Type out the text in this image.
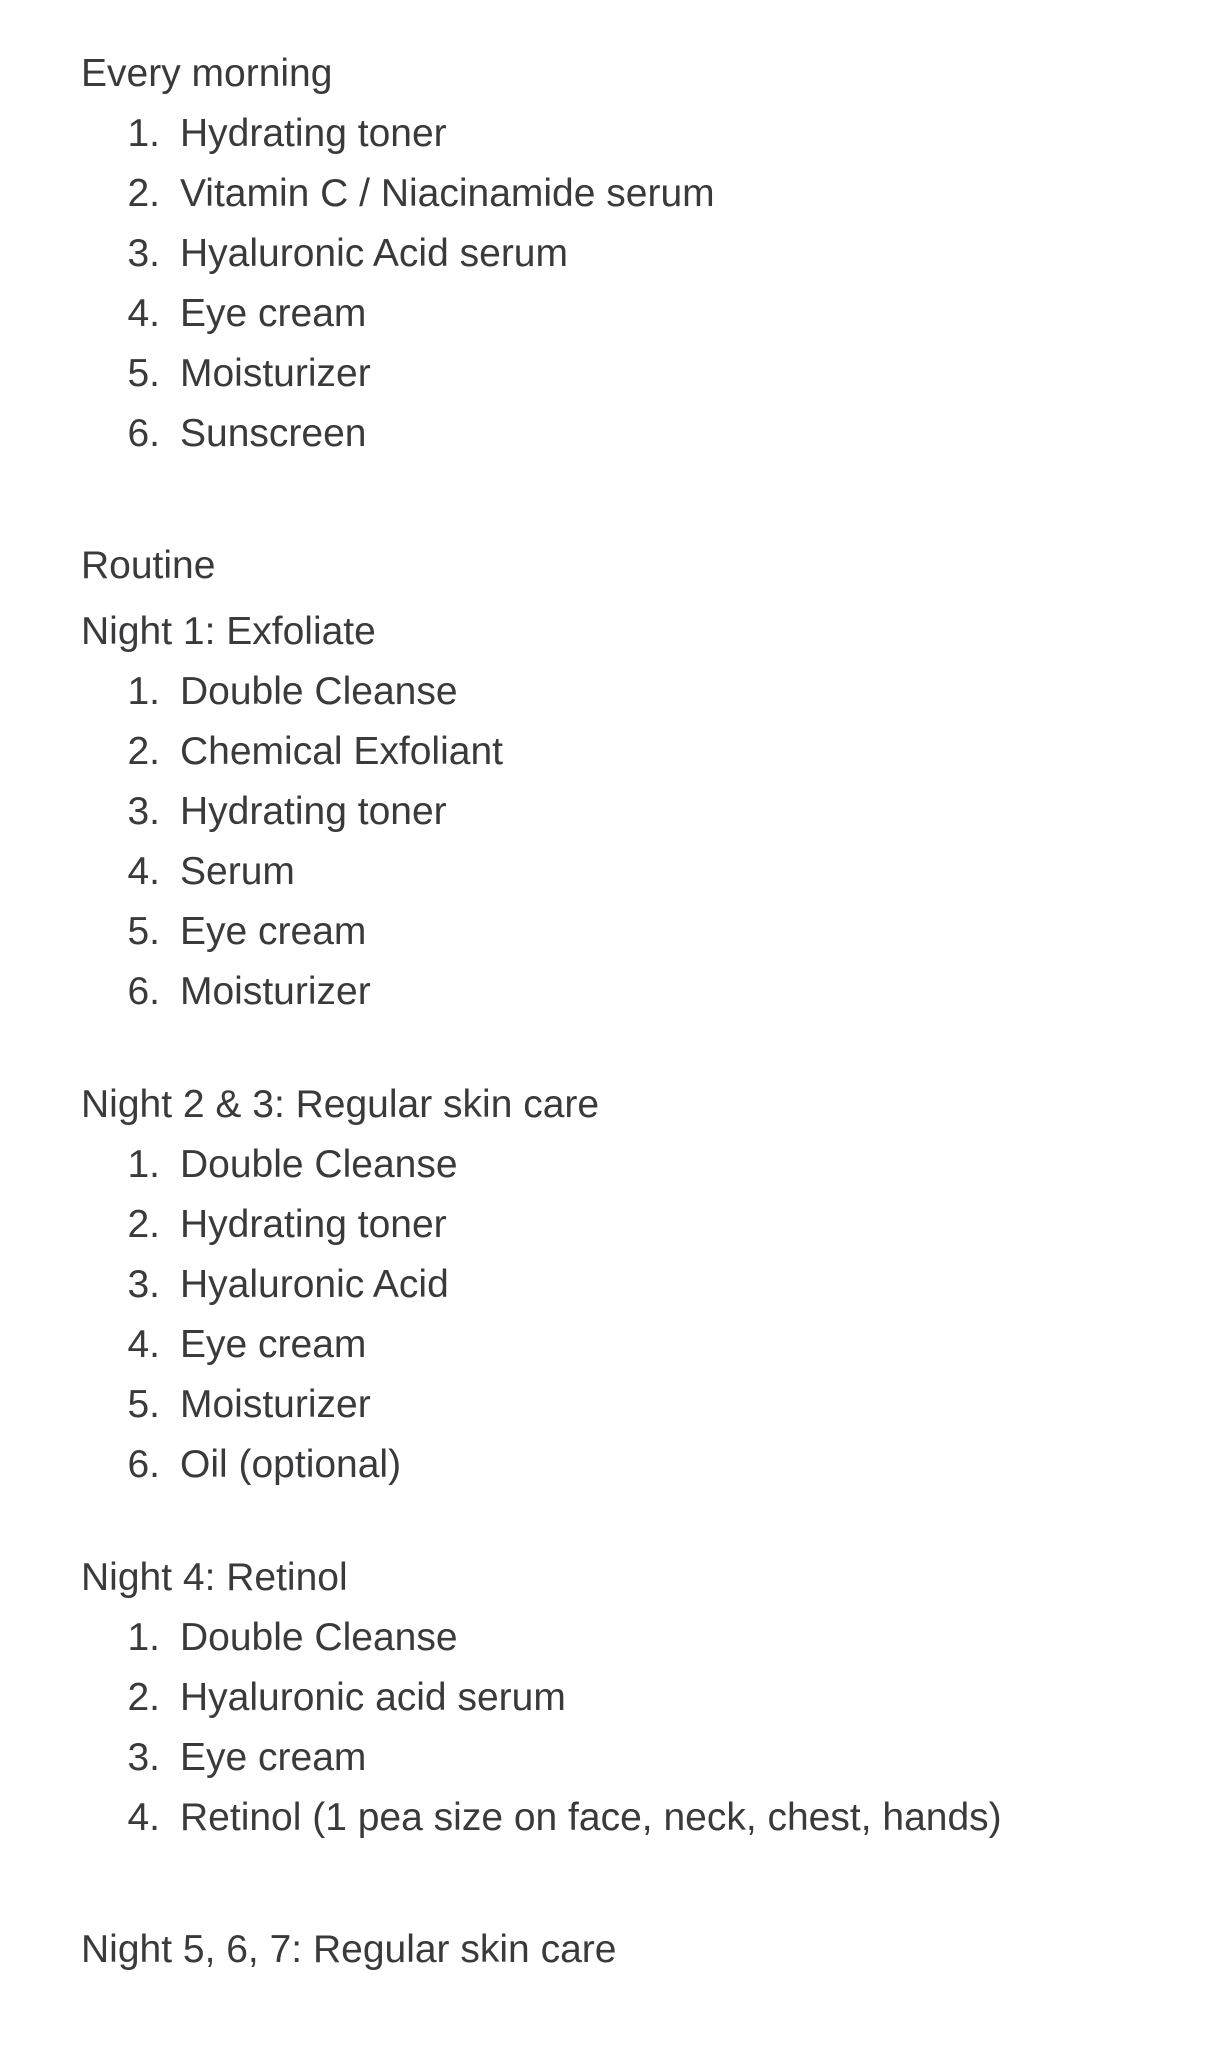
Every morning
1. Hydrating toner
2. Vitamin C / Niacinamide serum
3. Hyaluronic Acid serum
4. Eye cream
5. Moisturizer
6. Sunscreen
Routine
Night 1: Exfoliate
1. Double Cleanse
2. Chemical Exfoliant
3. Hydrating toner
4. Serum
5. Eye cream
6. Moisturizer
Night 2 & 3: Regular skin care
1. Double Cleanse
2. Hydrating toner
3. Hyaluronic Acid
4. Eye cream
5. Moisturizer
6. Oil (optional)
Night 4: Retinol
1. Double Cleanse
2. Hyaluronic acid serum
3. Eye cream
4. Retinol (1 pea size on face, neck, chest, hands)
Night 5, 6, 7: Regular skin care
